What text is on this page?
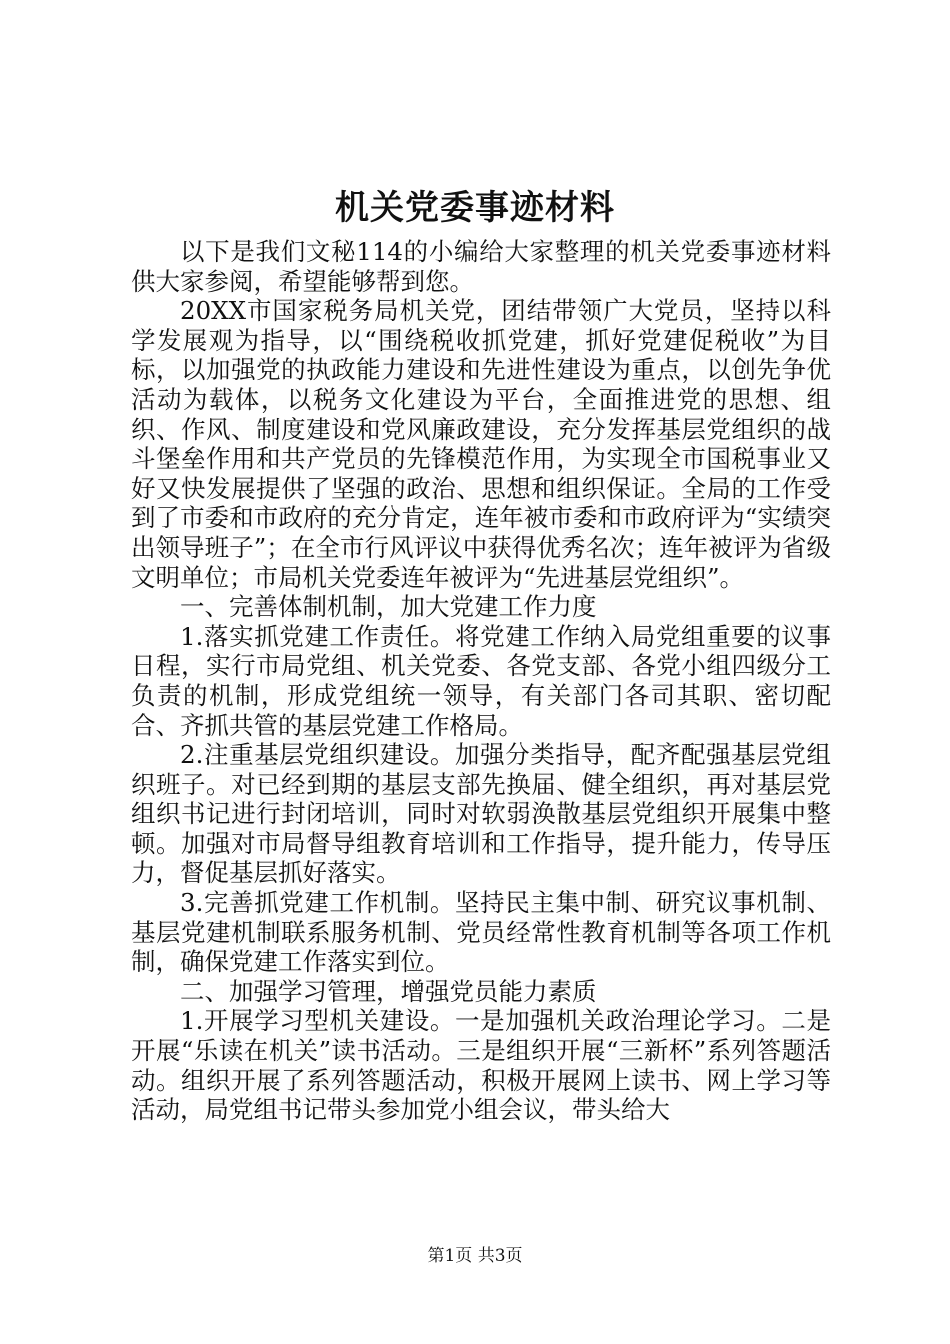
机关党委事迹材料

以下是我们文秘114的小编给大家整理的机关党委事迹材料供大家参阅，希望能够帮到您。

20XX市国家税务局机关党，团结带领广大党员，坚持以科学发展观为指导，以“围绕税收抓党建，抓好党建促税收”为目标，以加强党的执政能力建设和先进性建设为重点，以创先争优活动为载体，以税务文化建设为平台，全面推进党的思想、组织、作风、制度建设和党风廉政建设，充分发挥基层党组织的战斗堡垒作用和共产党员的先锋模范作用，为实现全市国税事业又好又快发展提供了坚强的政治、思想和组织保证。全局的工作受到了市委和市政府的充分肯定，连年被市委和市政府评为“实绩突出领导班子”；在全市行风评议中获得优秀名次；连年被评为省级文明单位；市局机关党委连年被评为“先进基层党组织”。

一、完善体制机制，加大党建工作力度

1.落实抓党建工作责任。将党建工作纳入局党组重要的议事日程，实行市局党组、机关党委、各党支部、各党小组四级分工负责的机制，形成党组统一领导，有关部门各司其职、密切配合、齐抓共管的基层党建工作格局。

2.注重基层党组织建设。加强分类指导，配齐配强基层党组织班子。对已经到期的基层支部先换届、健全组织，再对基层党组织书记进行封闭培训，同时对软弱涣散基层党组织开展集中整顿。加强对市局督导组教育培训和工作指导，提升能力，传导压力，督促基层抓好落实。

3.完善抓党建工作机制。坚持民主集中制、研究议事机制、基层党建机制联系服务机制、党员经常性教育机制等各项工作机制，确保党建工作落实到位。

二、加强学习管理，增强党员能力素质

1.开展学习型机关建设。一是加强机关政治理论学习。二是开展“乐读在机关”读书活动。三是组织开展“三新杯”系列答题活动。组织开展了系列答题活动，积极开展网上读书、网上学习等活动，局党组书记带头参加党小组会议，带头给大

第1页 共3页
